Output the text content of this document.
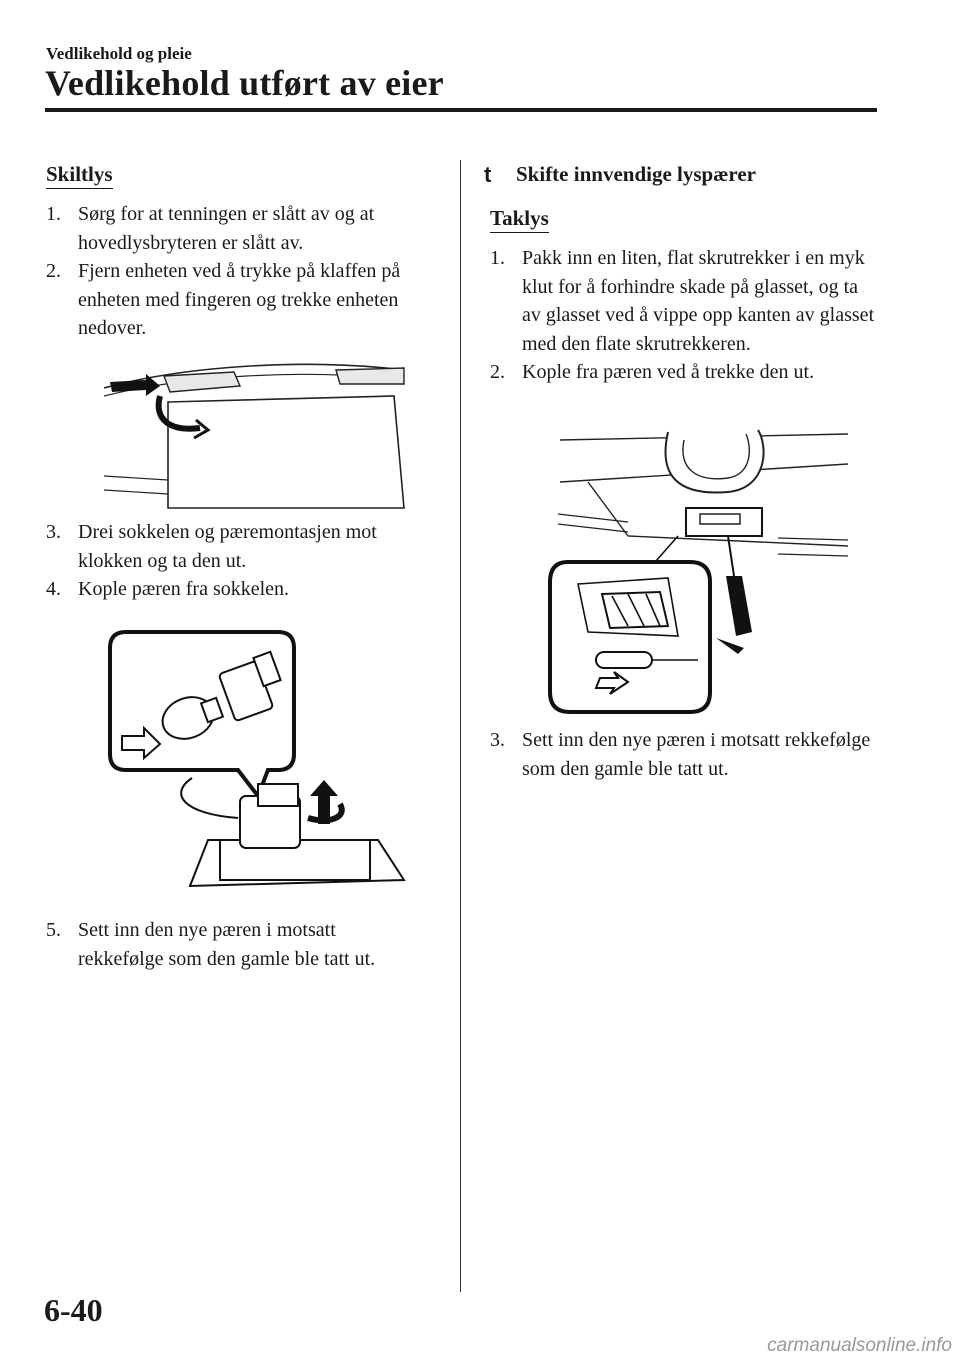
Vedlikehold og pleie
Vedlikehold utført av eier
Skiltlys
1. Sørg for at tenningen er slått av og at hovedlysbryteren er slått av.
2. Fjern enheten ved å trykke på klaffen på enheten med fingeren og trekke enheten nedover.
3. Drei sokkelen og pæremontasjen mot klokken og ta den ut.
4. Kople pæren fra sokkelen.
5. Sett inn den nye pæren i motsatt rekkefølge som den gamle ble tatt ut.
t Skifte innvendige lyspærer
Taklys
1. Pakk inn en liten, flat skrutrekker i en myk klut for å forhindre skade på glasset, og ta av glasset ved å vippe opp kanten av glasset med den flate skrutrekkeren.
2. Kople fra pæren ved å trekke den ut.
3. Sett inn den nye pæren i motsatt rekkefølge som den gamle ble tatt ut.
6-40
carmanualsonline.info
